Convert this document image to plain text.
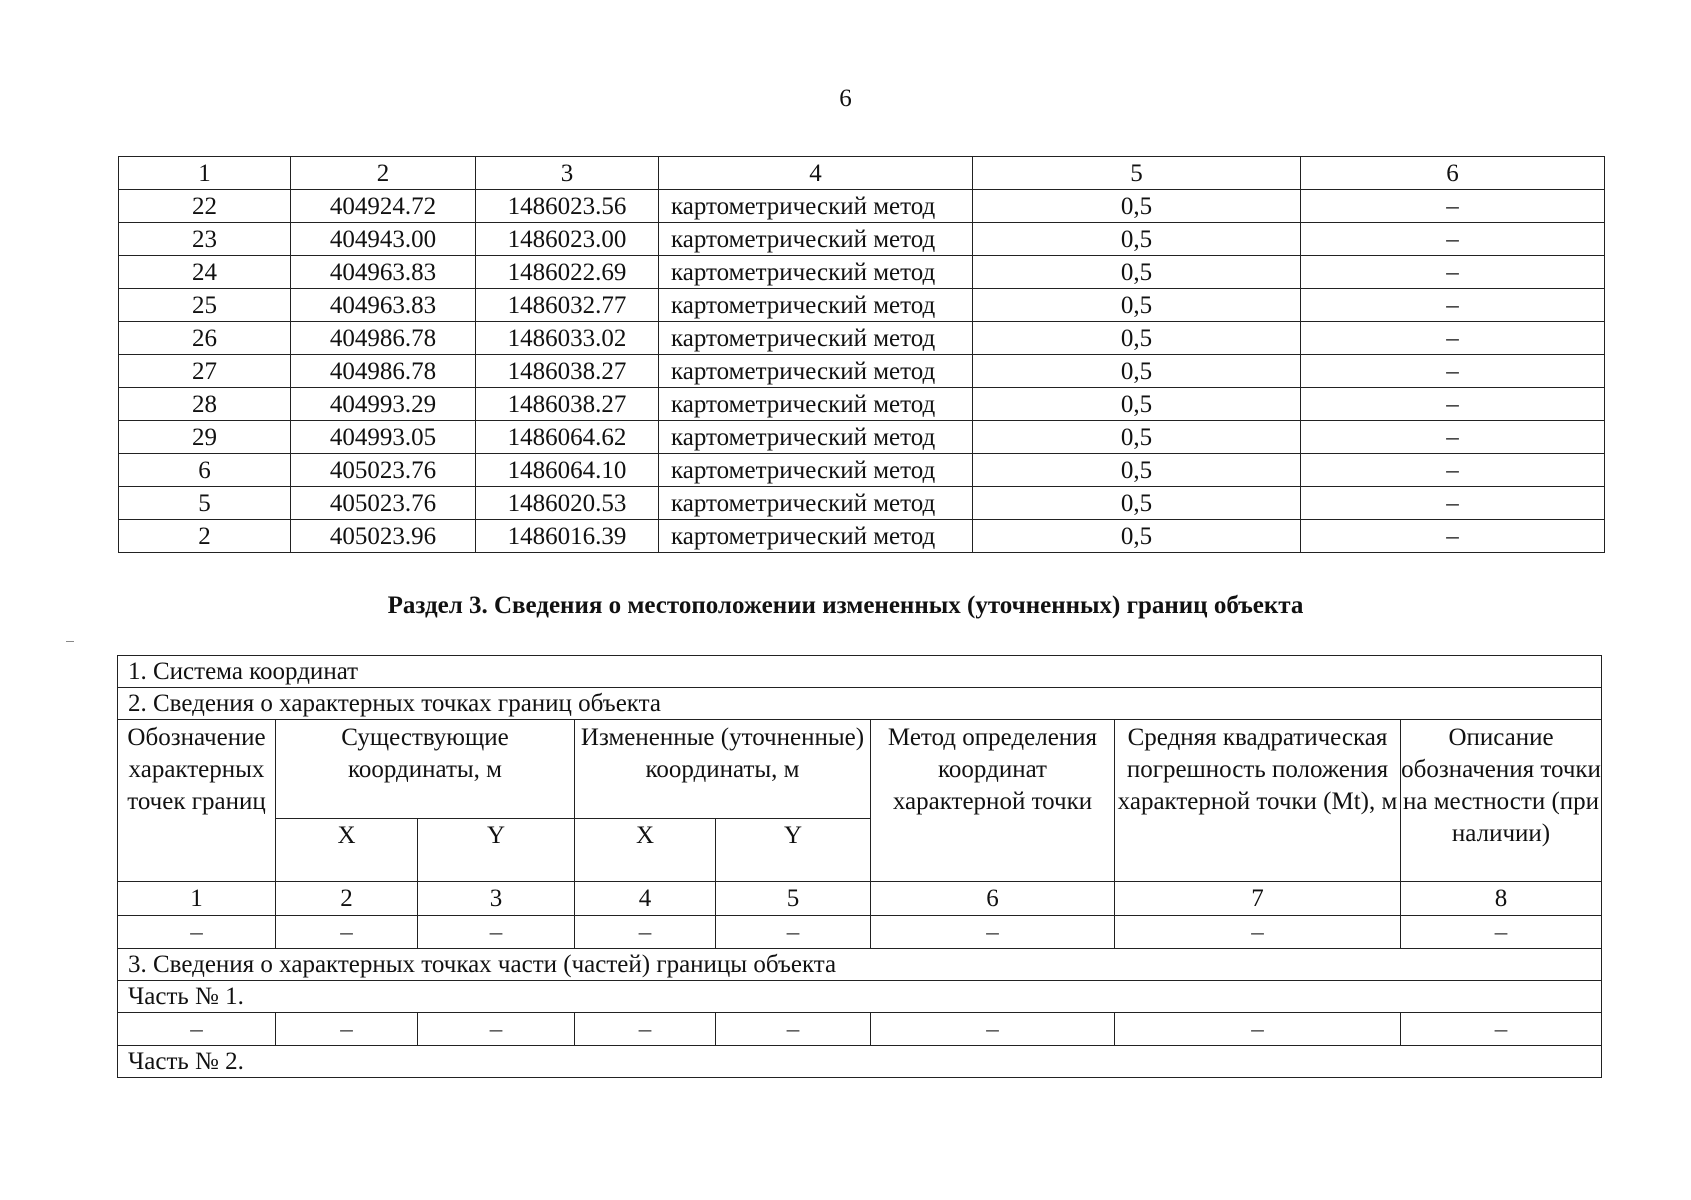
6
1	2	3	4	5	6
22	404924.72	1486023.56	картометрический метод	0,5	–
23	404943.00	1486023.00	картометрический метод	0,5	–
24	404963.83	1486022.69	картометрический метод	0,5	–
25	404963.83	1486032.77	картометрический метод	0,5	–
26	404986.78	1486033.02	картометрический метод	0,5	–
27	404986.78	1486038.27	картометрический метод	0,5	–
28	404993.29	1486038.27	картометрический метод	0,5	–
29	404993.05	1486064.62	картометрический метод	0,5	–
6	405023.76	1486064.10	картометрический метод	0,5	–
5	405023.76	1486020.53	картометрический метод	0,5	–
2	405023.96	1486016.39	картометрический метод	0,5	–
Раздел 3. Сведения о местоположении измененных (уточненных) границ объекта
1. Система координат							
2. Сведения о характерных точках границ объекта							
Обозначение характерных точек границ	Существующие координаты, м		Измененные (уточненные) координаты, м		Метод определения координат характерной точки	Средняя квадратическая погрешность положения характерной точки (Mt), м	Описание обозначения точки на местности (при наличии)
	X	Y	X	Y			
1	2	3	4	5	6	7	8
–	–	–	–	–	–	–	–
3. Сведения о характерных точках части (частей) границы объекта							
Часть № 1.							
–	–	–	–	–	–	–	–
Часть № 2.							
